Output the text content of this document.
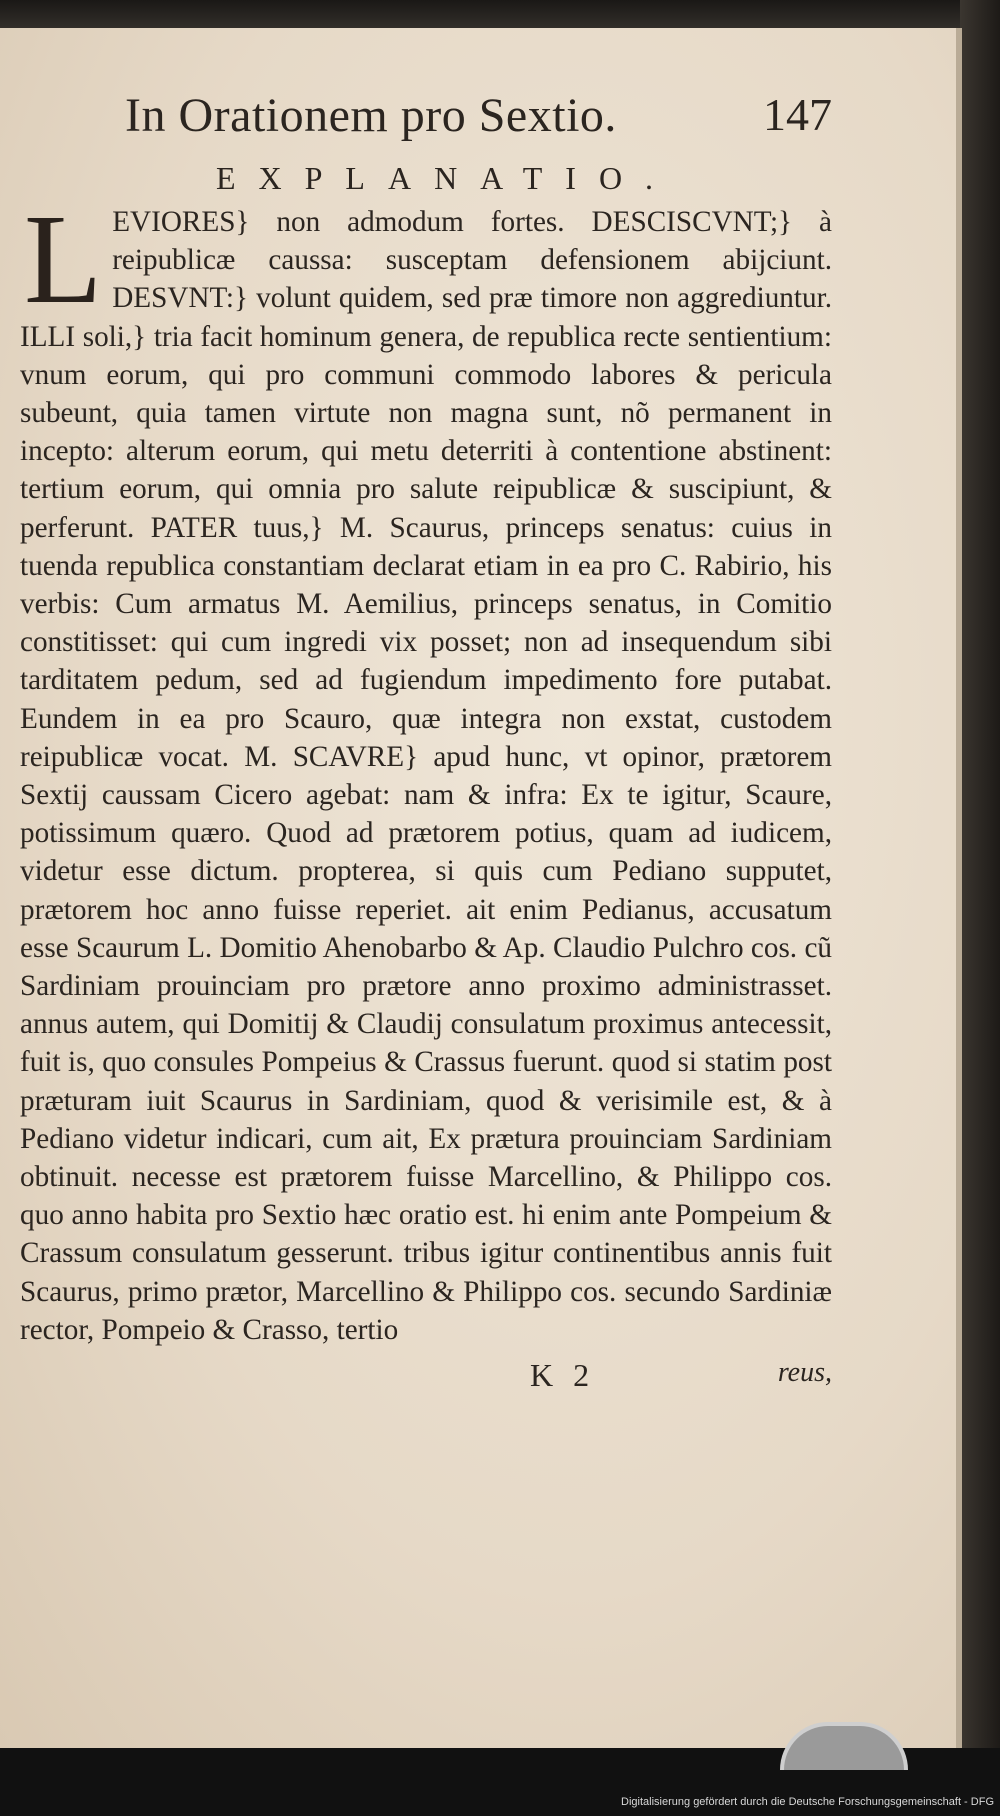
In Orationem pro Sextio.	147
EXPLANATIO.
L EVIORES} non admodum fortes. DESCISCVNT;} à reipublicæ caussa: susceptam defensionem abijciunt. DESVNT:} volunt quidem, sed præ timore non aggrediuntur. ILLI soli,} tria facit hominum genera, de republica recte sentientium: vnum eorum, qui pro communi commodo labores & pericula subeunt, quia tamen virtute non magna sunt, nõ permanent in incepto: alterum eorum, qui metu deterriti à contentione abstinent: tertium eorum, qui omnia pro salute reipublicæ & suscipiunt, & perferunt. PATER tuus,} M. Scaurus, princeps senatus: cuius in tuenda republica constantiam declarat etiam in ea pro C. Rabirio, his verbis: Cum armatus M. Aemilius, princeps senatus, in Comitio constitisset: qui cum ingredi vix posset; non ad insequendum sibi tarditatem pedum, sed ad fugiendum impedimento fore putabat. Eundem in ea pro Scauro, quæ integra non exstat, custodem reipublicæ vocat. M. SCAVRE} apud hunc, vt opinor, prætorem Sextij caussam Cicero agebat: nam & infra: Ex te igitur, Scaure, potissimum quæro. Quod ad prætorem potius, quam ad iudicem, videtur esse dictum. propterea, si quis cum Pediano supputet, prætorem hoc anno fuisse reperiet. ait enim Pedianus, accusatum esse Scaurum L. Domitio Ahenobarbo & Ap. Claudio Pulchro cos. cũ Sardiniam prouinciam pro prætore anno proximo administrasset. annus autem, qui Domitij & Claudij consulatum proximus antecessit, fuit is, quo consules Pompeius & Crassus fuerunt. quod si statim post præturam iuit Scaurus in Sardiniam, quod & verisimile est, & à Pediano videtur indicari, cum ait, Ex prætura prouinciam Sardiniam obtinuit. necesse est prætorem fuisse Marcellino, & Philippo cos. quo anno habita pro Sextio hæc oratio est. hi enim ante Pompeium & Crassum consulatum gesserunt. tribus igitur continentibus annis fuit Scaurus, primo prætor, Marcellino & Philippo cos. secundo Sardiniæ rector, Pompeio & Crasso, tertio
K 2	reus,
Digitalisierung gefördert durch die Deutsche Forschungsgemeinschaft - DFG
